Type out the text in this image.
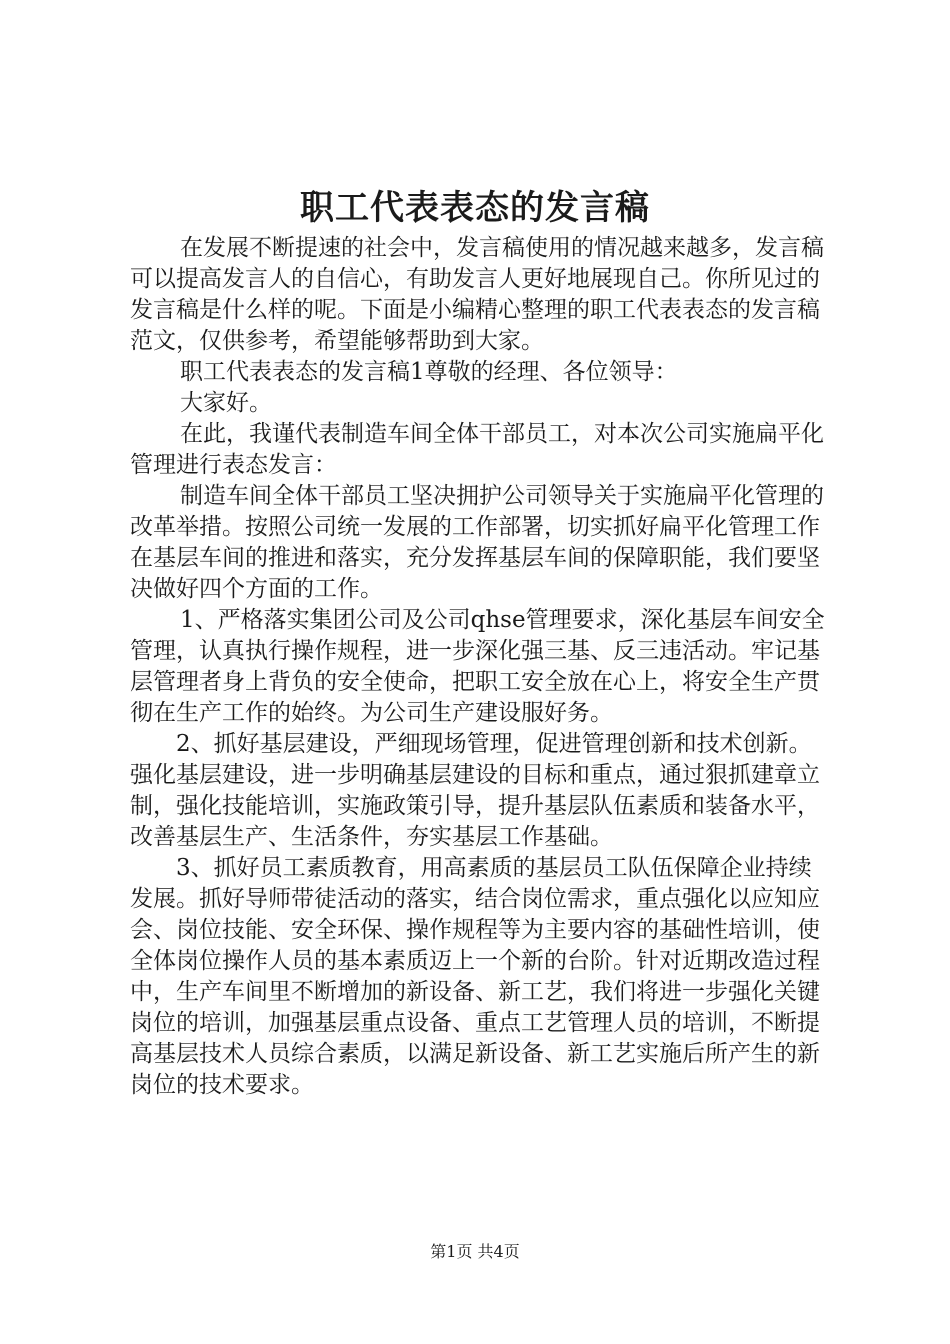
职工代表表态的发言稿

在发展不断提速的社会中，发言稿使用的情况越来越多，发言稿可以提高发言人的自信心，有助发言人更好地展现自己。你所见过的发言稿是什么样的呢。下面是小编精心整理的职工代表表态的发言稿范文，仅供参考，希望能够帮助到大家。

职工代表表态的发言稿1尊敬的经理、各位领导：

大家好。

在此，我谨代表制造车间全体干部员工，对本次公司实施扁平化管理进行表态发言：

制造车间全体干部员工坚决拥护公司领导关于实施扁平化管理的改革举措。按照公司统一发展的工作部署，切实抓好扁平化管理工作在基层车间的推进和落实，充分发挥基层车间的保障职能，我们要坚决做好四个方面的工作。

1、严格落实集团公司及公司qhse管理要求，深化基层车间安全管理，认真执行操作规程，进一步深化强三基、反三违活动。牢记基层管理者身上背负的安全使命，把职工安全放在心上，将安全生产贯彻在生产工作的始终。为公司生产建设服好务。

2、抓好基层建设，严细现场管理，促进管理创新和技术创新。强化基层建设，进一步明确基层建设的目标和重点，通过狠抓建章立制，强化技能培训，实施政策引导，提升基层队伍素质和装备水平，改善基层生产、生活条件，夯实基层工作基础。

3、抓好员工素质教育，用高素质的基层员工队伍保障企业持续发展。抓好导师带徒活动的落实，结合岗位需求，重点强化以应知应会、岗位技能、安全环保、操作规程等为主要内容的基础性培训，使全体岗位操作人员的基本素质迈上一个新的台阶。针对近期改造过程中，生产车间里不断增加的新设备、新工艺，我们将进一步强化关键岗位的培训，加强基层重点设备、重点工艺管理人员的培训，不断提高基层技术人员综合素质，以满足新设备、新工艺实施后所产生的新岗位的技术要求。

第1页 共4页
